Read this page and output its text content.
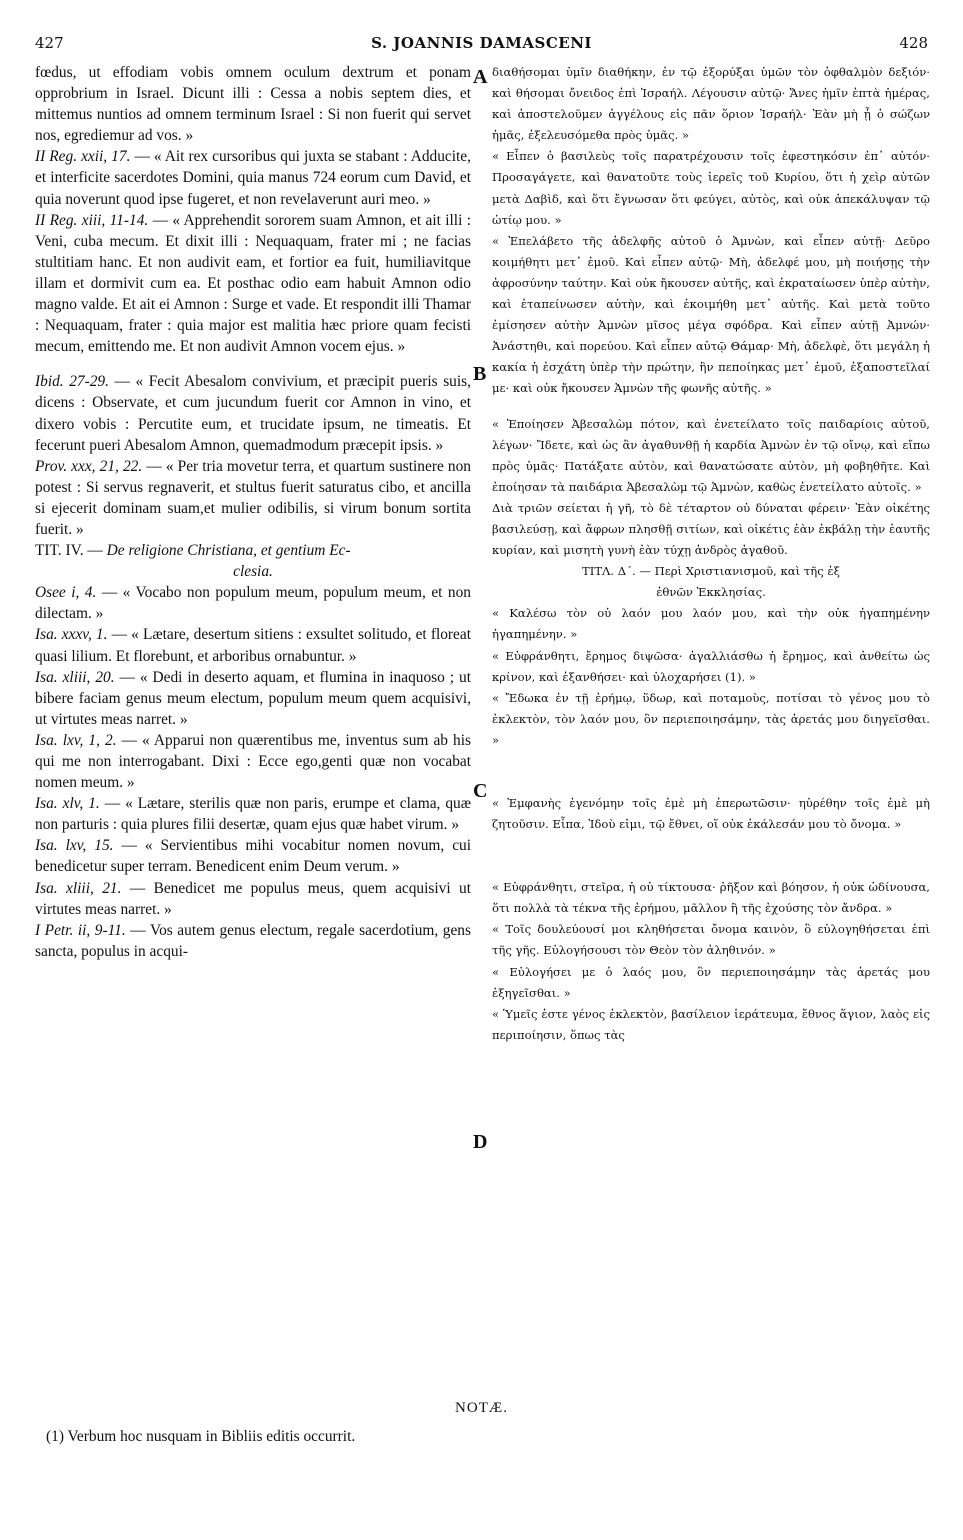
427	S. JOANNIS DAMASCENI	428
A
B
C
D

fœdus, ut effodiam vobis omnem oculum dextrum et ponam opprobrium in Israel. Dicunt illi : Cessa a nobis septem dies, et mittemus nuntios ad omnem terminum Israel : Si non fuerit qui servet nos, egrediemur ad vos. »

II Reg. xxii, 17. — « Ait rex cursoribus qui juxta se stabant : Adducite, et interficite sacerdotes Domini, quia manus 724 eorum cum David, et quia noverunt quod ipse fugeret, et non revelaverunt auri meo. »

II Reg. xiii, 11-14. — « Apprehendit sororem suam Amnon, et ait illi : Veni, cuba mecum. Et dixit illi : Nequaquam, frater mi ; ne facias stultitiam hanc. Et non audivit eam, et fortior ea fuit, humiliavitque illam et dormivit cum ea. Et posthac odio eam habuit Amnon odio magno valde. Et ait ei Amnon : Surge et vade. Et respondit illi Thamar : Nequaquam, frater : quia major est malitia hæc priore quam fecisti mecum, emittendo me. Et non audivit Amnon vocem ejus. »

Ibid. 27-29. — « Fecit Abesalom convivium, et præcipit pueris suis, dicens : Observate, et cum jucundum fuerit cor Amnon in vino, et dixero vobis : Percutite eum, et trucidate ipsum, ne timeatis. Et fecerunt pueri Abesalom Amnon, quemadmodum præcepit ipsis. »

Prov. xxx, 21, 22. — « Per tria movetur terra, et quartum sustinere non potest : Si servus regnaverit, et stultus fuerit saturatus cibo, et ancilla si ejecerit dominam suam,et mulier odibilis, si virum bonum sortita fuerit. »

TIT. IV. — De religione Christiana, et gentium Ec-

clesia.

Osee i, 4. — « Vocabo non populum meum, populum meum, et non dilectam. »

Isa. xxxv, 1. — « Lætare, desertum sitiens : exsultet solitudo, et floreat quasi lilium. Et florebunt, et arboribus ornabuntur. »

Isa. xliii, 20. — « Dedi in deserto aquam, et flumina in inaquoso ; ut bibere faciam genus meum electum, populum meum quem acquisivi, ut virtutes meas narret. »

Isa. lxv, 1, 2. — « Apparui non quærentibus me, inventus sum ab his qui me non interrogabant. Dixi : Ecce ego,genti quæ non vocabat nomen meum. »

Isa. xlv, 1. — « Lætare, sterilis quæ non paris, erumpe et clama, quæ non parturis : quia plures filii desertæ, quam ejus quæ habet virum. »

Isa. lxv, 15. — « Servientibus mihi vocabitur nomen novum, cui benedicetur super terram. Benedicent enim Deum verum. »

Isa. xliii, 21. — Benedicet me populus meus, quem acquisivi ut virtutes meas narret. »

I Petr. ii, 9-11. — Vos autem genus electum, regale sacerdotium, gens sancta, populus in acqui-

διαθήσομαι ὑμῖν διαθήκην, ἐν τῷ ἐξορύξαι ὑμῶν τὸν ὀφθαλμὸν δεξιόν· καὶ θήσομαι ὄνειδος ἐπὶ Ἰσραήλ. Λέγουσιν αὐτῷ· Ἄνες ἡμῖν ἑπτὰ ἡμέρας, καὶ ἀποστελοῦμεν ἀγγέλους εἰς πᾶν ὅριον Ἰσραήλ· Ἐὰν μὴ ᾖ ὁ σώζων ἡμᾶς, ἐξελευσόμεθα πρὸς ὑμᾶς. »

« Εἶπεν ὁ βασιλεὺς τοῖς παρατρέχουσιν τοῖς ἐφεστηκόσιν ἐπ᾽ αὐτόν· Προσαγάγετε, καὶ θανατοῦτε τοὺς ἱερεῖς τοῦ Κυρίου, ὅτι ἡ χεὶρ αὐτῶν μετὰ Δαβὶδ, καὶ ὅτι ἔγνωσαν ὅτι φεύγει, αὐτὸς, καὶ οὐκ ἀπεκάλυψαν τῷ ὠτίῳ μου. »

« Ἐπελάβετο τῆς ἀδελφῆς αὐτοῦ ὁ Ἀμνὼν, καὶ εἶπεν αὐτῇ· Δεῦρο κοιμήθητι μετ᾽ ἐμοῦ. Καὶ εἶπεν αὐτῷ· Μὴ, ἀδελφέ μου, μὴ ποιήσῃς τὴν ἀφροσύνην ταύτην. Καὶ οὐκ ἤκουσεν αὐτῆς, καὶ ἐκραταίωσεν ὑπὲρ αὐτὴν, καὶ ἐταπείνωσεν αὐτὴν, καὶ ἐκοιμήθη μετ᾽ αὐτῆς. Καὶ μετὰ τοῦτο ἐμίσησεν αὐτὴν Ἀμνὼν μῖσος μέγα σφόδρα. Καὶ εἶπεν αὐτῇ Ἀμνών· Ἀνάστηθι, καὶ πορεύου. Καὶ εἶπεν αὐτῷ Θάμαρ· Μὴ, ἀδελφὲ, ὅτι μεγάλη ἡ κακία ἡ ἐσχάτη ὑπὲρ τὴν πρώτην, ἣν πεποίηκας μετ᾽ ἐμοῦ, ἐξαποστεῖλαί με· καὶ οὐκ ἤκουσεν Ἀμνὼν τῆς φωνῆς αὐτῆς. »

« Ἐποίησεν Ἀβεσαλὼμ πότον, καὶ ἐνετείλατο τοῖς παιδαρίοις αὐτοῦ, λέγων· Ἴδετε, καὶ ὡς ἂν ἀγαθυνθῇ ἡ καρδία Ἀμνὼν ἐν τῷ οἴνῳ, καὶ εἴπω πρὸς ὑμᾶς· Πατάξατε αὐτὸν, καὶ θανατώσατε αὐτὸν, μὴ φοβηθῆτε. Καὶ ἐποίησαν τὰ παιδάρια Ἀβεσαλὼμ τῷ Ἀμνὼν, καθὼς ἐνετείλατο αὐτοῖς. »

Διὰ τριῶν σείεται ἡ γῆ, τὸ δὲ τέταρτον οὐ δύναται φέρειν· Ἐὰν οἰκέτης βασιλεύσῃ, καὶ ἄφρων πλησθῇ σιτίων, καὶ οἰκέτις ἐὰν ἐκβάλῃ τὴν ἑαυτῆς κυρίαν, καὶ μισητὴ γυνὴ ἐὰν τύχῃ ἀνδρὸς ἀγαθοῦ.

ΤΙΤΛ. Δ΄. — Περὶ Χριστιανισμοῦ, καὶ τῆς ἐξ

ἐθνῶν Ἐκκλησίας.

« Καλέσω τὸν οὐ λαόν μου λαόν μου, καὶ τὴν οὐκ ἠγαπημένην ἠγαπημένην. »

« Εὐφράνθητι, ἔρημος διψῶσα· ἀγαλλιάσθω ἡ ἔρημος, καὶ ἀνθείτω ὡς κρίνον, καὶ ἐξανθήσει· καὶ ὑλοχαρήσει (1). »

« Ἔδωκα ἐν τῇ ἐρήμῳ, ὕδωρ, καὶ ποταμοὺς, ποτίσαι τὸ γένος μου τὸ ἐκλεκτὸν, τὸν λαόν μου, ὃν περιεποιησάμην, τὰς ἀρετάς μου διηγεῖσθαι. »

« Ἐμφανὴς ἐγενόμην τοῖς ἐμὲ μὴ ἐπερωτῶσιν· ηὑρέθην τοῖς ἐμὲ μὴ ζητοῦσιν. Εἶπα, Ἰδοὺ εἰμι, τῷ ἔθνει, οἵ οὐκ ἐκάλεσάν μου τὸ ὄνομα. »

« Εὐφράνθητι, στεῖρα, ἡ οὐ τίκτουσα· ῥῆξον καὶ βόησον, ἡ οὐκ ὠδίνουσα, ὅτι πολλὰ τὰ τέκνα τῆς ἐρήμου, μᾶλλον ἢ τῆς ἐχούσης τὸν ἄνδρα. »

« Τοῖς δουλεύουσί μοι κληθήσεται ὄνομα καινὸν, ὃ εὐλογηθήσεται ἐπὶ τῆς γῆς. Εὐλογήσουσι τὸν Θεὸν τὸν ἀληθινόν. »

« Εὐλογήσει με ὁ λαός μου, ὃν περιεποιησάμην τὰς ἀρετάς μου ἐξηγεῖσθαι. »

« Ὑμεῖς ἐστε γένος ἐκλεκτὸν, βασίλειον ἱεράτευμα, ἔθνος ἅγιον, λαὸς εἰς περιποίησιν, ὅπως τὰς

NOTÆ.
(1) Verbum hoc nusquam in Bibliis editis occurrit.
